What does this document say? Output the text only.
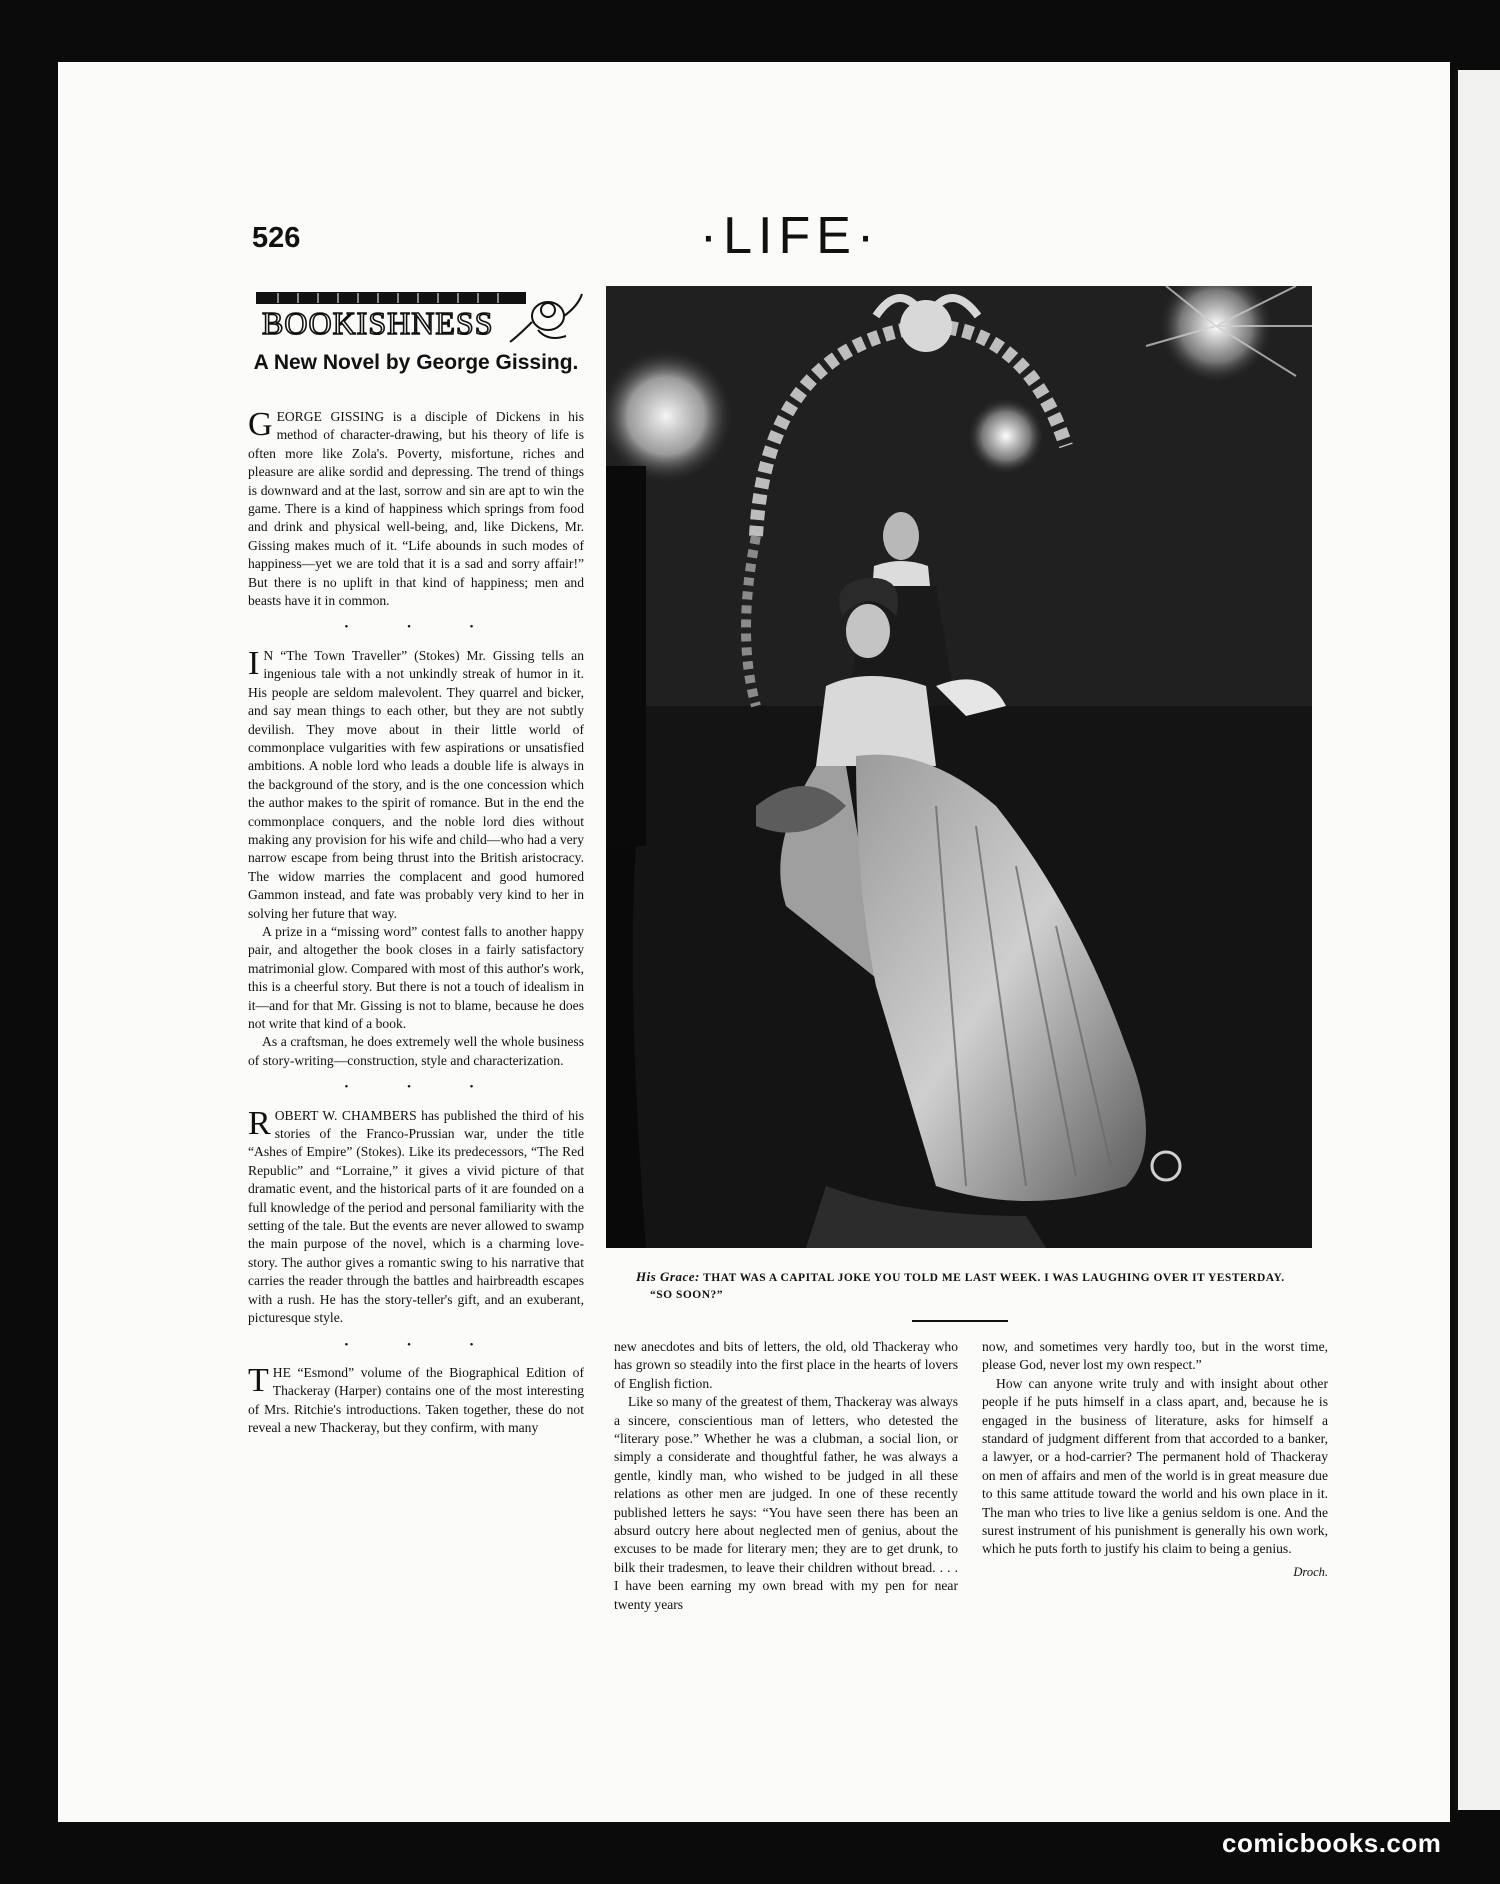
526	·LIFE·
BOOKISHNESS
A New Novel by George Gissing.

GEORGE GISSING is a disciple of Dickens in his method of character-drawing, but his theory of life is often more like Zola's. Poverty, misfortune, riches and pleasure are alike sordid and depressing. The trend of things is downward and at the last, sorrow and sin are apt to win the game. There is a kind of happiness which springs from food and drink and physical well-being, and, like Dickens, Mr. Gissing makes much of it. “Life abounds in such modes of happiness—yet we are told that it is a sad and sorry affair!” But there is no uplift in that kind of happiness; men and beasts have it in common.

• • •

I N “The Town Traveller” (Stokes) Mr. Gissing tells an ingenious tale with a not unkindly streak of humor in it. His people are seldom malevolent. They quarrel and bicker, and say mean things to each other, but they are not subtly devilish. They move about in their little world of commonplace vulgarities with few aspirations or unsatisfied ambitions. A noble lord who leads a double life is always in the background of the story, and is the one concession which the author makes to the spirit of romance. But in the end the commonplace conquers, and the noble lord dies without making any provision for his wife and child—who had a very narrow escape from being thrust into the British aristocracy. The widow marries the complacent and good humored Gammon instead, and fate was probably very kind to her in solving her future that way.

A prize in a “missing word” contest falls to another happy pair, and altogether the book closes in a fairly satisfactory matrimonial glow. Compared with most of this author's work, this is a cheerful story. But there is not a touch of idealism in it—and for that Mr. Gissing is not to blame, because he does not write that kind of a book.

As a craftsman, he does extremely well the whole business of story-writing—construction, style and characterization.

• • •

ROBERT W. CHAMBERS has published the third of his stories of the Franco-Prussian war, under the title “Ashes of Empire” (Stokes). Like its predecessors, “The Red Republic” and “Lorraine,” it gives a vivid picture of that dramatic event, and the historical parts of it are founded on a full knowledge of the period and personal familiarity with the setting of the tale. But the events are never allowed to swamp the main purpose of the novel, which is a charming love-story. The author gives a romantic swing to his narrative that carries the reader through the battles and hairbreadth escapes with a rush. He has the story-teller's gift, and an exuberant, picturesque style.

• • •

THE “Esmond” volume of the Biographical Edition of Thackeray (Harper) contains one of the most interesting of Mrs. Ritchie's introductions. Taken together, these do not reveal a new Thackeray, but they confirm, with many

His Grace: THAT WAS A CAPITAL JOKE YOU TOLD ME LAST WEEK. I WAS LAUGHING OVER IT YESTERDAY.
“SO SOON?”

new anecdotes and bits of letters, the old, old Thackeray who has grown so steadily into the first place in the hearts of lovers of English fiction.

Like so many of the greatest of them, Thackeray was always a sincere, conscientious man of letters, who detested the “literary pose.” Whether he was a clubman, a social lion, or simply a considerate and thoughtful father, he was always a gentle, kindly man, who wished to be judged in all these relations as other men are judged. In one of these recently published letters he says: “You have seen there has been an absurd outcry here about neglected men of genius, about the excuses to be made for literary men; they are to get drunk, to bilk their tradesmen, to leave their children without bread. . . . I have been earning my own bread with my pen for near twenty years

now, and sometimes very hardly too, but in the worst time, please God, never lost my own respect.”

How can anyone write truly and with insight about other people if he puts himself in a class apart, and, because he is engaged in the business of literature, asks for himself a standard of judgment different from that accorded to a banker, a lawyer, or a hod-carrier? The permanent hold of Thackeray on men of affairs and men of the world is in great measure due to this same attitude toward the world and his own place in it. The man who tries to live like a genius seldom is one. And the surest instrument of his punishment is generally his own work, which he puts forth to justify his claim to being a genius.

Droch.
comicbooks.com
